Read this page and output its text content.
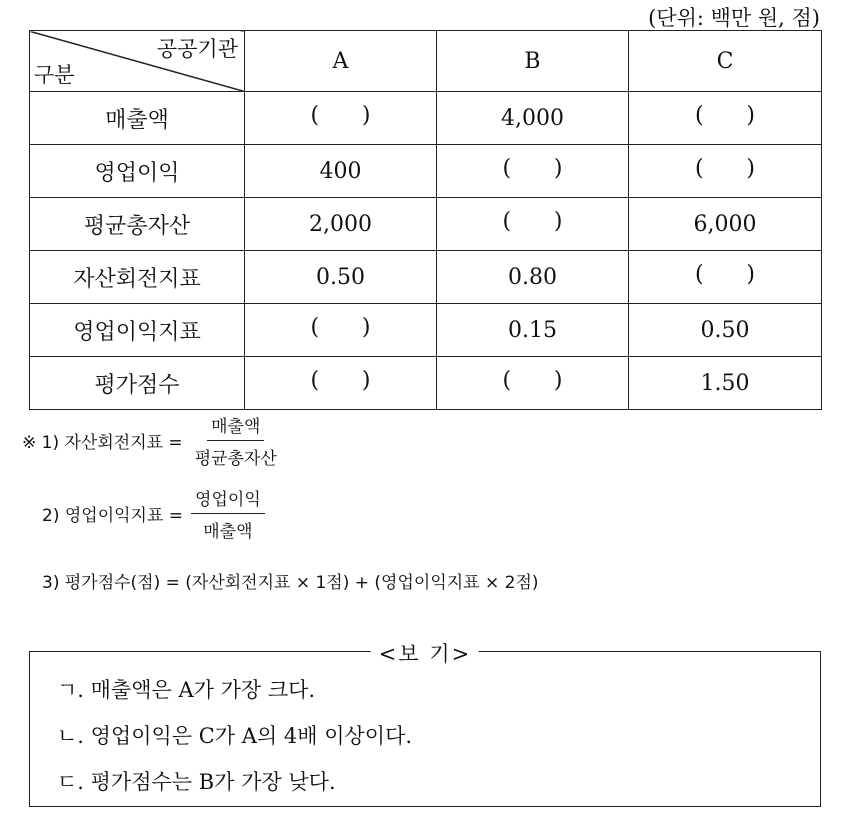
(단위: 백만 원, 점)
공공기관
구분	A	B	C
매출액	( )	4,000	( )

영업이익	400	( )	( )

평균총자산	2,000	( )	6,000
자산회전지표	0.50	0.80	( )

영업이익지표	( )	0.15	0.50
평가점수	( )	( )	1.50
※ 1) 자산회전지표 = $\frac{\text{매출액}}{\text{평균총자산}}$
2) 영업이익지표 = $\frac{\text{영업이익}}{\text{매출액}}$
3) 평가점수(점) = (자산회전지표 × 1점) + (영업이익지표 × 2점)
<보 기>
ㄱ. 매출액은 A가 가장 크다.
ㄴ. 영업이익은 C가 A의 4배 이상이다.
ㄷ. 평가점수는 B가 가장 낮다.
